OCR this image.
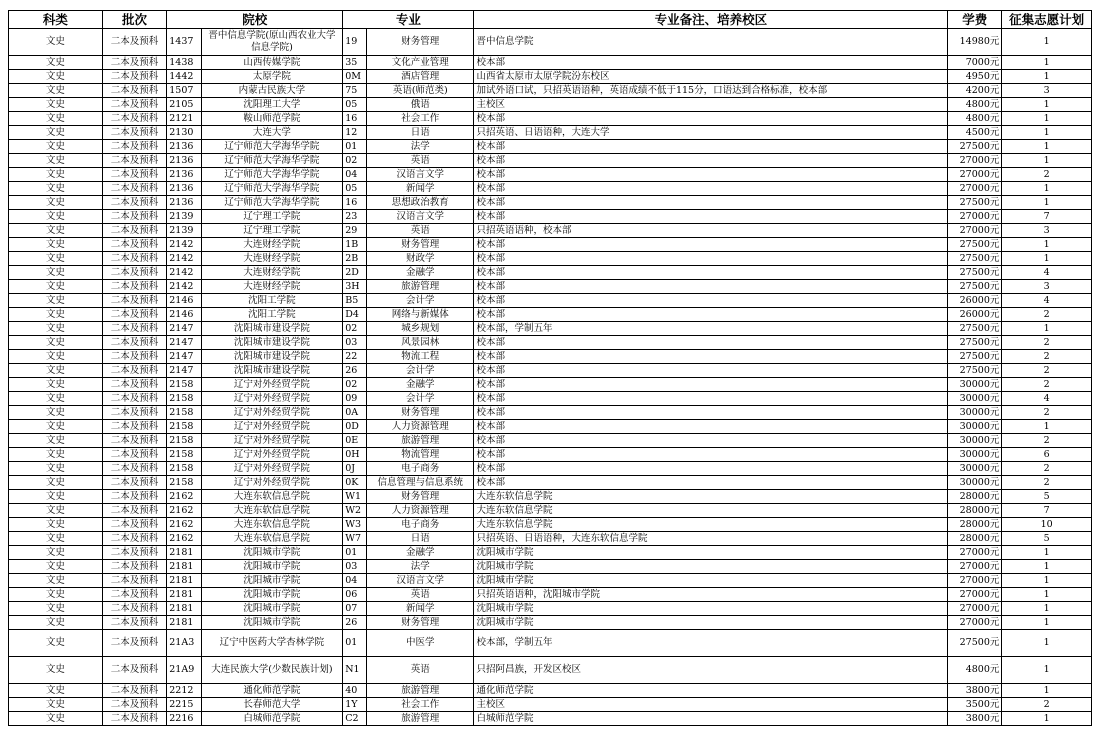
科类	批次	院校		专业		专业备注、培养校区	学费	征集志愿计划
文史	二本及预科	1437	晋中信息学院(原山西农业大学信息学院)	19	财务管理	晋中信息学院	14980元	1
文史	二本及预科	1438	山西传媒学院	35	文化产业管理	校本部	7000元	1
文史	二本及预科	1442	太原学院	0M	酒店管理	山西省太原市太原学院汾东校区	4950元	1
文史	二本及预科	1507	内蒙古民族大学	75	英语(师范类)	加试外语口试，只招英语语种，英语成绩不低于115分，口语达到合格标准，校本部	4200元	3
文史	二本及预科	2105	沈阳理工大学	05	俄语	主校区	4800元	1
文史	二本及预科	2121	鞍山师范学院	16	社会工作	校本部	4800元	1
文史	二本及预科	2130	大连大学	12	日语	只招英语、日语语种，大连大学	4500元	1
文史	二本及预科	2136	辽宁师范大学海华学院	01	法学	校本部	27500元	1
文史	二本及预科	2136	辽宁师范大学海华学院	02	英语	校本部	27000元	1
文史	二本及预科	2136	辽宁师范大学海华学院	04	汉语言文学	校本部	27000元	2
文史	二本及预科	2136	辽宁师范大学海华学院	05	新闻学	校本部	27000元	1
文史	二本及预科	2136	辽宁师范大学海华学院	16	思想政治教育	校本部	27500元	1
文史	二本及预科	2139	辽宁理工学院	23	汉语言文学	校本部	27000元	7
文史	二本及预科	2139	辽宁理工学院	29	英语	只招英语语种，校本部	27000元	3
文史	二本及预科	2142	大连财经学院	1B	财务管理	校本部	27500元	1
文史	二本及预科	2142	大连财经学院	2B	财政学	校本部	27500元	1
文史	二本及预科	2142	大连财经学院	2D	金融学	校本部	27500元	4
文史	二本及预科	2142	大连财经学院	3H	旅游管理	校本部	27500元	3
文史	二本及预科	2146	沈阳工学院	B5	会计学	校本部	26000元	4
文史	二本及预科	2146	沈阳工学院	D4	网络与新媒体	校本部	26000元	2
文史	二本及预科	2147	沈阳城市建设学院	02	城乡规划	校本部，学制五年	27500元	1
文史	二本及预科	2147	沈阳城市建设学院	03	风景园林	校本部	27500元	2
文史	二本及预科	2147	沈阳城市建设学院	22	物流工程	校本部	27500元	2
文史	二本及预科	2147	沈阳城市建设学院	26	会计学	校本部	27500元	2
文史	二本及预科	2158	辽宁对外经贸学院	02	金融学	校本部	30000元	2
文史	二本及预科	2158	辽宁对外经贸学院	09	会计学	校本部	30000元	4
文史	二本及预科	2158	辽宁对外经贸学院	0A	财务管理	校本部	30000元	2
文史	二本及预科	2158	辽宁对外经贸学院	0D	人力资源管理	校本部	30000元	1
文史	二本及预科	2158	辽宁对外经贸学院	0E	旅游管理	校本部	30000元	2
文史	二本及预科	2158	辽宁对外经贸学院	0H	物流管理	校本部	30000元	6
文史	二本及预科	2158	辽宁对外经贸学院	0J	电子商务	校本部	30000元	2
文史	二本及预科	2158	辽宁对外经贸学院	0K	信息管理与信息系统	校本部	30000元	2
文史	二本及预科	2162	大连东软信息学院	W1	财务管理	大连东软信息学院	28000元	5
文史	二本及预科	2162	大连东软信息学院	W2	人力资源管理	大连东软信息学院	28000元	7
文史	二本及预科	2162	大连东软信息学院	W3	电子商务	大连东软信息学院	28000元	10
文史	二本及预科	2162	大连东软信息学院	W7	日语	只招英语、日语语种，大连东软信息学院	28000元	5
文史	二本及预科	2181	沈阳城市学院	01	金融学	沈阳城市学院	27000元	1
文史	二本及预科	2181	沈阳城市学院	03	法学	沈阳城市学院	27000元	1
文史	二本及预科	2181	沈阳城市学院	04	汉语言文学	沈阳城市学院	27000元	1
文史	二本及预科	2181	沈阳城市学院	06	英语	只招英语语种，沈阳城市学院	27000元	1
文史	二本及预科	2181	沈阳城市学院	07	新闻学	沈阳城市学院	27000元	1
文史	二本及预科	2181	沈阳城市学院	26	财务管理	沈阳城市学院	27000元	1
文史	二本及预科	21A3	辽宁中医药大学杏林学院	01	中医学	校本部，学制五年	27500元	1
文史	二本及预科	21A9	大连民族大学(少数民族计划)	N1	英语	只招阿昌族，开发区校区	4800元	1
文史	二本及预科	2212	通化师范学院	40	旅游管理	通化师范学院	3800元	1
文史	二本及预科	2215	长春师范大学	1Y	社会工作	主校区	3500元	2
文史	二本及预科	2216	白城师范学院	C2	旅游管理	白城师范学院	3800元	1
